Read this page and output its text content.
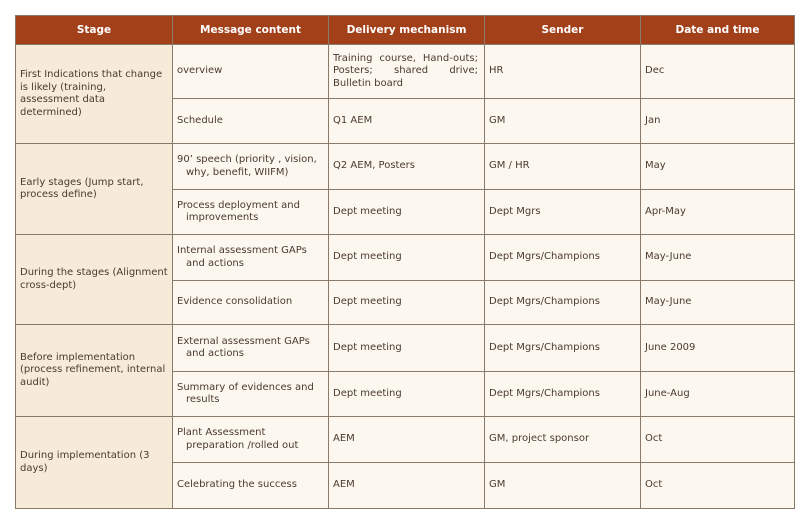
Stage	Message content	Delivery mechanism	Sender	Date and time
First Indications that change is likely (training, assessment data determined)	overview	Training course, Hand-outs; Posters; shared drive; Bulletin board	HR	Dec

	Schedule	Q1 AEM	GM	Jan
Early stages (Jump start, process define)	90’ speech (priority , vision, why, benefit, WIIFM)	Q2 AEM, Posters	GM / HR	May

	Process deployment and improvements	Dept meeting	Dept Mgrs	Apr-May
During the stages (Alignment cross-dept)	Internal assessment GAPs and actions	Dept meeting	Dept Mgrs/Champions	May-June

	Evidence consolidation	Dept meeting	Dept Mgrs/Champions	May-June
Before implementation (process refinement, internal audit)	External assessment GAPs and actions	Dept meeting	Dept Mgrs/Champions	June 2009

	Summary of evidences and results	Dept meeting	Dept Mgrs/Champions	June-Aug
During implementation (3 days)	Plant Assessment preparation /rolled out	AEM	GM, project sponsor	Oct

	Celebrating the success	AEM	GM	Oct
